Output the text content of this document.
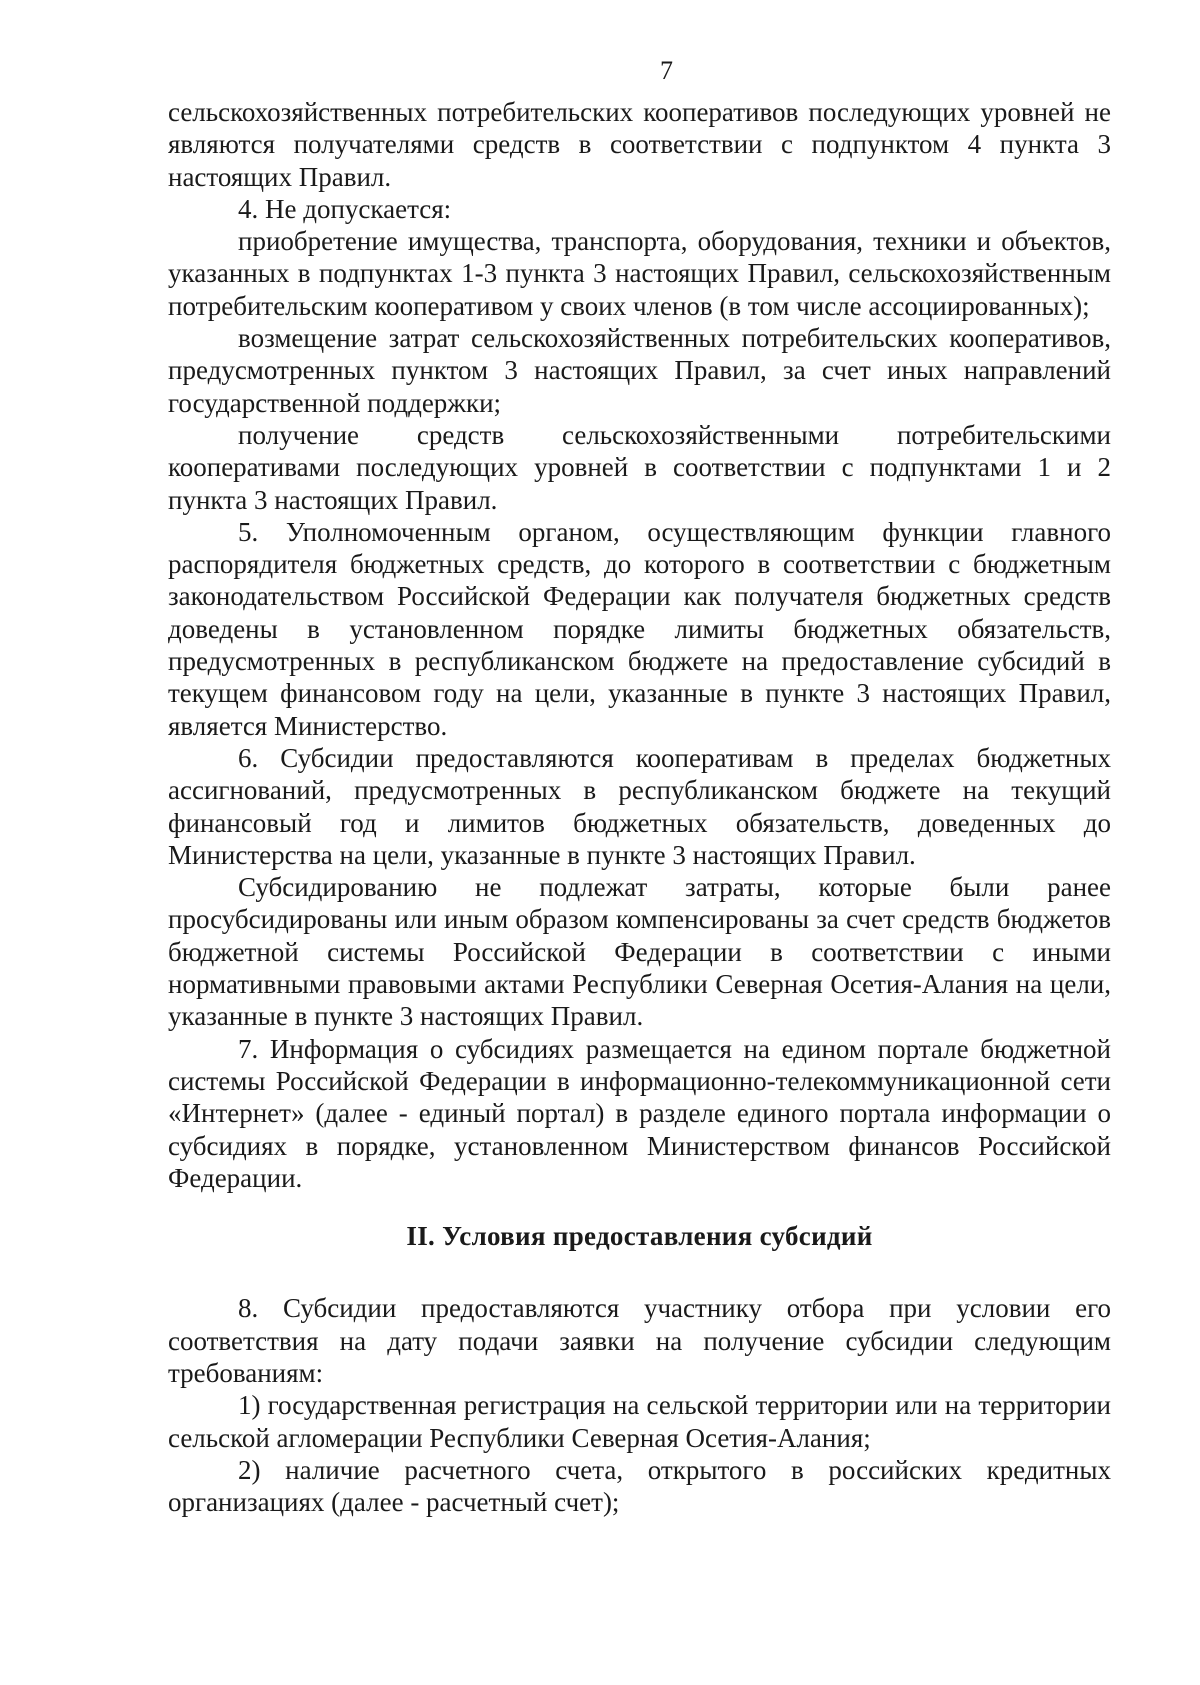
7

сельскохозяйственных потребительских кооперативов последующих уровней не являются получателями средств в соответствии с подпунктом 4 пункта 3 настоящих Правил.

4. Не допускается:

приобретение имущества, транспорта, оборудования, техники и объектов, указанных в подпунктах 1-3 пункта 3 настоящих Правил, сельскохозяйственным потребительским кооперативом у своих членов (в том числе ассоциированных);

возмещение затрат сельскохозяйственных потребительских кооперативов, предусмотренных пунктом 3 настоящих Правил, за счет иных направлений государственной поддержки;

получение средств сельскохозяйственными потребительскими кооперативами последующих уровней в соответствии с подпунктами 1 и 2 пункта 3 настоящих Правил.

5. Уполномоченным органом, осуществляющим функции главного распорядителя бюджетных средств, до которого в соответствии с бюджетным законодательством Российской Федерации как получателя бюджетных средств доведены в установленном порядке лимиты бюджетных обязательств, предусмотренных в республиканском бюджете на предоставление субсидий в текущем финансовом году на цели, указанные в пункте 3 настоящих Правил, является Министерство.

6. Субсидии предоставляются кооперативам в пределах бюджетных ассигнований, предусмотренных в республиканском бюджете на текущий финансовый год и лимитов бюджетных обязательств, доведенных до Министерства на цели, указанные в пункте 3 настоящих Правил.

Субсидированию не подлежат затраты, которые были ранее просубсидированы или иным образом компенсированы за счет средств бюджетов бюджетной системы Российской Федерации в соответствии с иными нормативными правовыми актами Республики Северная Осетия-Алания на цели, указанные в пункте 3 настоящих Правил.

7. Информация о субсидиях размещается на едином портале бюджетной системы Российской Федерации в информационно-телекоммуникационной сети «Интернет» (далее - единый портал) в разделе единого портала информации о субсидиях в порядке, установленном Министерством финансов Российской Федерации.

II. Условия предоставления субсидий

8. Субсидии предоставляются участнику отбора при условии его соответствия на дату подачи заявки на получение субсидии следующим требованиям:

1) государственная регистрация на сельской территории или на территории сельской агломерации Республики Северная Осетия-Алания;

2) наличие расчетного счета, открытого в российских кредитных организациях (далее - расчетный счет);
